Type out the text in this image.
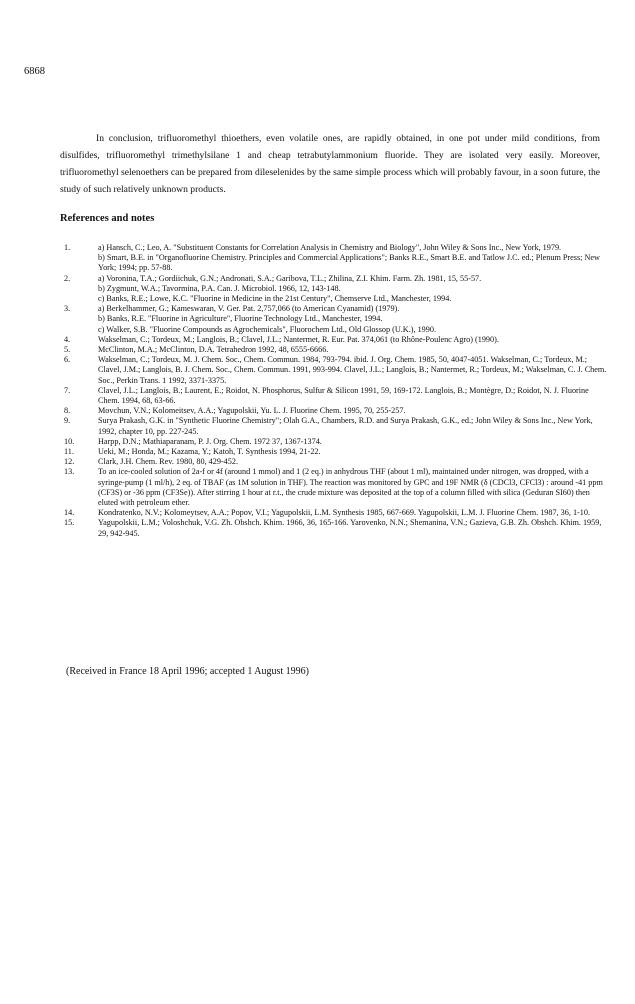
6868
In conclusion, trifluoromethyl thioethers, even volatile ones, are rapidly obtained, in one pot under mild conditions, from disulfides, trifluoromethyl trimethylsilane 1 and cheap tetrabutylammonium fluoride. They are isolated very easily. Moreover, trifluoromethyl selenoethers can be prepared from dileselenides by the same simple process which will probably favour, in a soon future, the study of such relatively unknown products.
References and notes
1.	a) Hansch, C.; Leo, A. "Substituent Constants for Correlation Analysis in Chemistry and Biology", John Wiley & Sons Inc., New York, 1979.
b) Smart, B.E. in "Organofluorine Chemistry. Principles and Commercial Applications"; Banks R.E., Smart B.E. and Tatlow J.C. ed.; Plenum Press; New York; 1994; pp. 57-88.
2.	a) Voronina, T.A.; Gordiichuk, G.N.; Andronati, S.A.; Garibova, T.L.; Zhilina, Z.I. Khim. Farm. Zh. 1981, 15, 55-57.
b) Zygmunt, W.A.; Tavormina, P.A. Can. J. Microbiol. 1966, 12, 143-148.
c) Banks, R.E.; Lowe, K.C. "Fluorine in Medicine in the 21st Century", Chemserve Ltd., Manchester, 1994.
3.	a) Berkelhammer, G.; Kameswaran, V. Ger. Pat. 2,757,066 (to American Cyanamid) (1979).
b) Banks, R.E. "Fluorine in Agriculture", Fluorine Technology Ltd., Manchester, 1994.
c) Walker, S.B. "Fluorine Compounds as Agrochemicals", Fluorochem Ltd., Old Glossop (U.K.), 1990.
4.	Wakselman, C.; Tordeux, M.; Langlois, B.; Clavel, J.L.; Nantermet, R. Eur. Pat. 374,061 (to Rhône-Poulenc Agro) (1990).
5.	McClinton, M.A.; McClinton, D.A. Tetrahedron 1992, 48, 6555-6666.
6.	Wakselman, C.; Tordeux, M. J. Chem. Soc., Chem. Commun. 1984, 793-794. ibid. J. Org. Chem. 1985, 50, 4047-4051. Wakselman, C.; Tordeux, M.; Clavel, J.M.; Langlois, B. J. Chem. Soc., Chem. Commun. 1991, 993-994. Clavel, J.L.; Langlois, B.; Nantermet, R.; Tordeux, M.; Wakselman, C. J. Chem. Soc., Perkin Trans. 1 1992, 3371-3375.
7.	Clavel, J.L.; Langlois, B.; Laurent, E.; Roidot, N. Phosphorus, Sulfur & Silicon 1991, 59, 169-172. Langlois, B.; Montègre, D.; Roidot, N. J. Fluorine Chem. 1994, 68, 63-66.
8.	Movchun, V.N.; Kolomeitsev, A.A.; Yagupolskii, Yu. L. J. Fluorine Chem. 1995, 70, 255-257.
9.	Surya Prakash, G.K. in "Synthetic Fluorine Chemistry"; Olah G.A., Chambers, R.D. and Surya Prakash, G.K., ed.; John Wiley & Sons Inc., New York, 1992, chapter 10, pp. 227-245.
10.	Harpp, D.N.; Mathiaparanam, P. J. Org. Chem. 1972 37, 1367-1374.
11.	Ueki, M.; Honda, M.; Kazama, Y.; Katoh, T. Synthesis 1994, 21-22.
12.	Clark, J.H. Chem. Rev. 1980, 80, 429-452.
13.	To an ice-cooled solution of 2a-f or 4f (around 1 mmol) and 1 (2 eq.) in anhydrous THF (about 1 ml), maintained under nitrogen, was dropped, with a syringe-pump (1 ml/h), 2 eq. of TBAF (as 1M solution in THF). The reaction was monitored by GPC and 19F NMR (δ (CDCl3, CFCl3) : around -41 ppm (CF3S) or -36 ppm (CF3Se)). After stirring 1 hour at r.t., the crude mixture was deposited at the top of a column filled with silica (Geduran SI60) then eluted with petroleum ether.
14.	Kondratenko, N.V.; Kolomeytsev, A.A.; Popov, V.I.; Yagupolskii, L.M. Synthesis 1985, 667-669. Yagupolskii, L.M. J. Fluorine Chem. 1987, 36, 1-10.
15.	Yagupolskii, L.M.; Voloshchuk, V.G. Zh. Obshch. Khim. 1966, 36, 165-166. Yarovenko, N.N.; Shemanina, V.N.; Gazieva, G.B. Zh. Obshch. Khim. 1959, 29, 942-945.
(Received in France 18 April 1996; accepted 1 August 1996)
